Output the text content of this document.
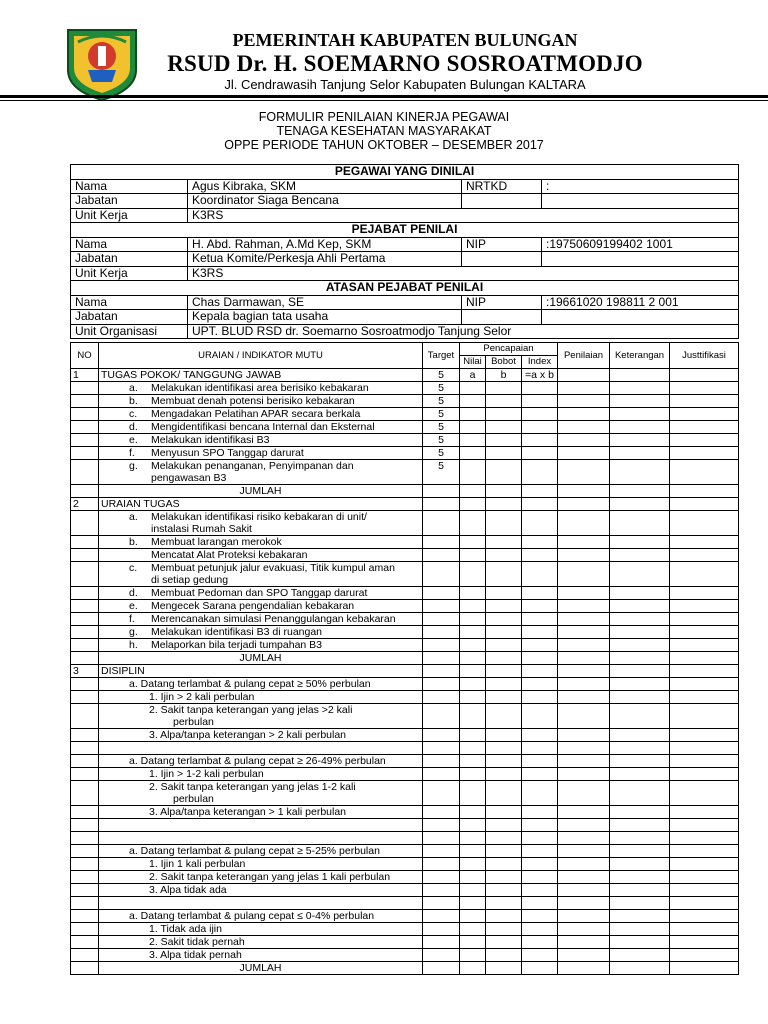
PEMERINTAH KABUPATEN BULUNGAN
RSUD Dr. H. SOEMARNO SOSROATMODJO
Jl. Cendrawasih Tanjung Selor Kabupaten Bulungan KALTARA
FORMULIR PENILAIAN KINERJA PEGAWAI
TENAGA KESEHATAN MASYARAKAT
OPPE PERIODE TAHUN OKTOBER – DESEMBER 2017
PEGAWAI YANG DINILAI			
Nama	Agus Kibraka, SKM	NRTKD	:
Jabatan	Koordinator Siaga Bencana		
Unit Kerja	K3RS		
PEJABAT PENILAI			
Nama	H. Abd. Rahman, A.Md Kep, SKM	NIP	:19750609199402 1001
Jabatan	Ketua Komite/Perkesja Ahli Pertama		
Unit Kerja	K3RS		
ATASAN PEJABAT PENILAI			
Nama	Chas Darmawan, SE	NIP	:19661020 198811 2 001
Jabatan	Kepala bagian tata usaha		
Unit Organisasi	UPT. BLUD RSD dr. Soemarno Sosroatmodjo Tanjung Selor		
NO	URAIAN / INDIKATOR MUTU	Target	Pencapaian			Penilaian	Keterangan	Justtifikasi
			Nilai	Bobot	Index			
1	TUGAS POKOK/ TANGGUNG JAWAB	5	a	b	=a x b			

	a. Melakukan identifikasi area berisiko kebakaran	5						

	b. Membuat denah potensi berisiko kebakaran	5						

	c. Mengadakan Pelatihan APAR secara berkala	5						

	d. Mengidentifikasi bencana Internal dan Eksternal	5						

	e. Melakukan identifikasi B3	5						

	f. Menyusun SPO Tanggap darurat	5						

	g. Melakukan penanganan, Penyimpanan dan
pengawasan B3	5						
	JUMLAH							
2	URAIAN TUGAS							

	a. Melakukan identifikasi risiko kebakaran di unit/
instalasi Rumah Sakit							

	b. Membuat larangan merokok							

	Mencatat Alat Proteksi kebakaran							

	c. Membuat petunjuk jalur evakuasi, Titik kumpul aman
di setiap gedung							

	d. Membuat Pedoman dan SPO Tanggap darurat							

	e. Mengecek Sarana pengendalian kebakaran							

	f. Merencanakan simulasi Penanggulangan kebakaran							

	g. Melakukan identifikasi B3 di ruangan							

	h. Melaporkan bila terjadi tumpahan B3							

	JUMLAH							
3	DISIPLIN							

	a. Datang terlambat & pulang cepat ≥ 50% perbulan							

	1. Ijin > 2 kali perbulan							

	2. Sakit tanpa keterangan yang jelas >2 kali
perbulan							

	3. Alpa/tanpa keterangan > 2 kali perbulan							

	a. Datang terlambat & pulang cepat ≥ 26-49% perbulan							

	1. Ijin > 1-2 kali perbulan							

	2. Sakit tanpa keterangan yang jelas 1-2 kali
perbulan							

	3. Alpa/tanpa keterangan > 1 kali perbulan							

	a. Datang terlambat & pulang cepat ≥ 5-25% perbulan							

	1. Ijin 1 kali perbulan							

	2. Sakit tanpa keterangan yang jelas 1 kali perbulan							

	3. Alpa tidak ada							

	a. Datang terlambat & pulang cepat ≤ 0-4% perbulan							

	1. Tidak ada ijin							

	2. Sakit tidak pernah							

	3. Alpa tidak pernah							

	JUMLAH							
